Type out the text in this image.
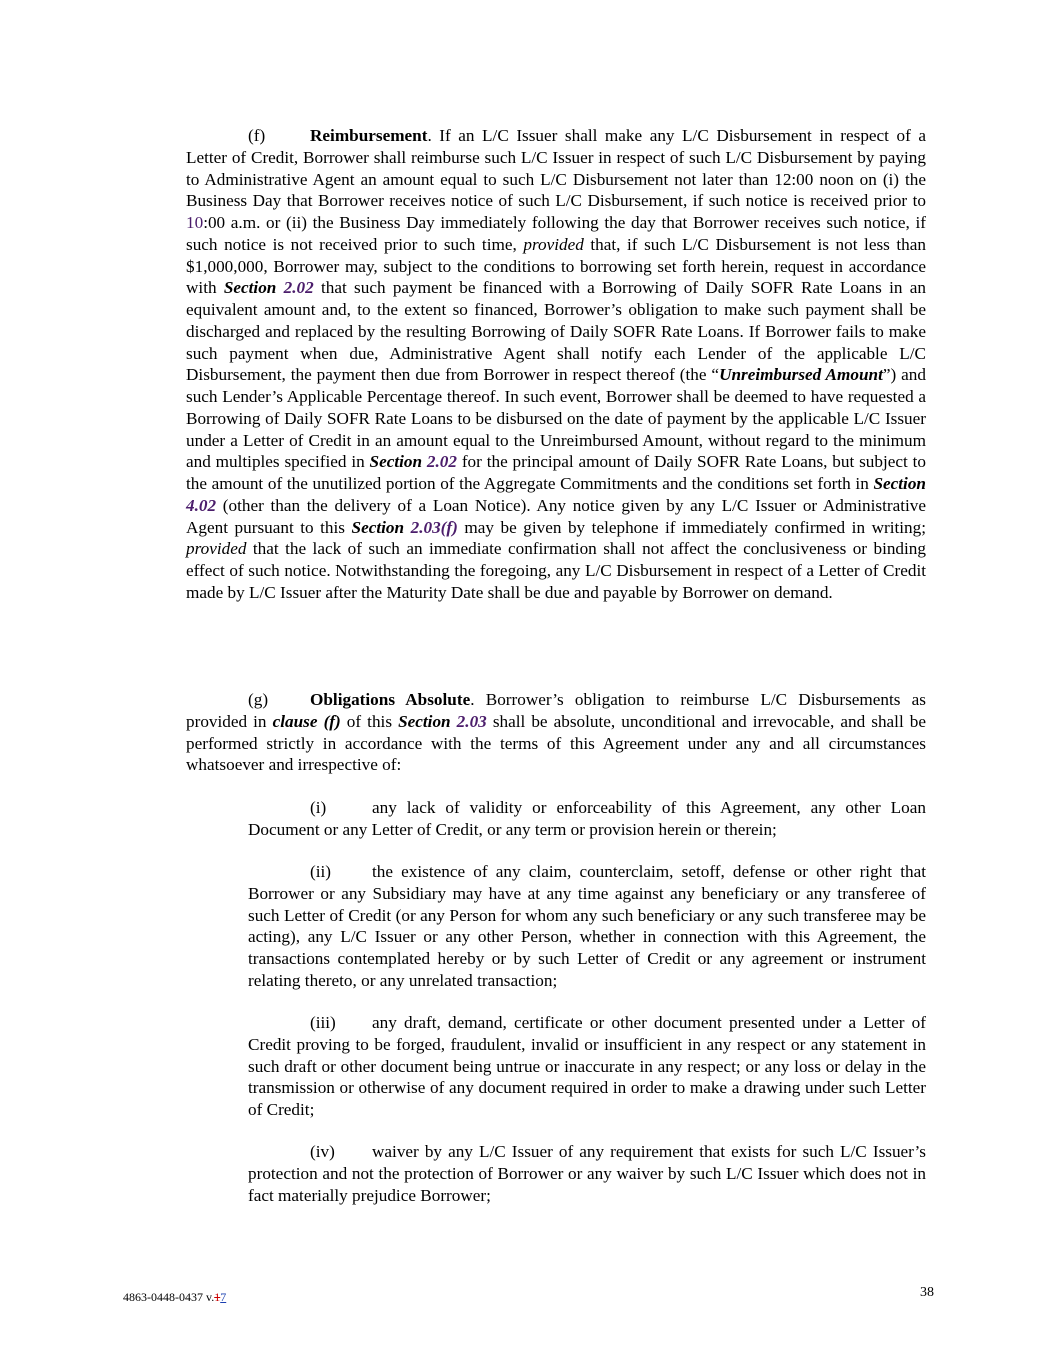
(f)	Reimbursement. If an L/C Issuer shall make any L/C Disbursement in respect of a Letter of Credit, Borrower shall reimburse such L/C Issuer in respect of such L/C Disbursement by paying to Administrative Agent an amount equal to such L/C Disbursement not later than 12:00 noon on (i) the Business Day that Borrower receives notice of such L/C Disbursement, if such notice is received prior to 10:00 a.m. or (ii) the Business Day immediately following the day that Borrower receives such notice, if such notice is not received prior to such time, provided that, if such L/C Disbursement is not less than $1,000,000, Borrower may, subject to the conditions to borrowing set forth herein, request in accordance with Section 2.02 that such payment be financed with a Borrowing of Daily SOFR Rate Loans in an equivalent amount and, to the extent so financed, Borrower’s obligation to make such payment shall be discharged and replaced by the resulting Borrowing of Daily SOFR Rate Loans. If Borrower fails to make such payment when due, Administrative Agent shall notify each Lender of the applicable L/C Disbursement, the payment then due from Borrower in respect thereof (the “Unreimbursed Amount”) and such Lender’s Applicable Percentage thereof. In such event, Borrower shall be deemed to have requested a Borrowing of Daily SOFR Rate Loans to be disbursed on the date of payment by the applicable L/C Issuer under a Letter of Credit in an amount equal to the Unreimbursed Amount, without regard to the minimum and multiples specified in Section 2.02 for the principal amount of Daily SOFR Rate Loans, but subject to the amount of the unutilized portion of the Aggregate Commitments and the conditions set forth in Section 4.02 (other than the delivery of a Loan Notice). Any notice given by any L/C Issuer or Administrative Agent pursuant to this Section 2.03(f) may be given by telephone if immediately confirmed in writing; provided that the lack of such an immediate confirmation shall not affect the conclusiveness or binding effect of such notice. Notwithstanding the foregoing, any L/C Disbursement in respect of a Letter of Credit made by L/C Issuer after the Maturity Date shall be due and payable by Borrower on demand.

(g) Obligations Absolute. Borrower’s obligation to reimburse L/C Disbursements as provided in clause (f) of this Section 2.03 shall be absolute, unconditional and irrevocable, and shall be performed strictly in accordance with the terms of this Agreement under any and all circumstances whatsoever and irrespective of:

(i)	any lack of validity or enforceability of this Agreement, any other Loan Document or any Letter of Credit, or any term or provision herein or therein;

(ii) the existence of any claim, counterclaim, setoff, defense or other right that Borrower or any Subsidiary may have at any time against any beneficiary or any transferee of such Letter of Credit (or any Person for whom any such beneficiary or any such transferee may be acting), any L/C Issuer or any other Person, whether in connection with this Agreement, the transactions contemplated hereby or by such Letter of Credit or any agreement or instrument relating thereto, or any unrelated transaction;

(iii) any draft, demand, certificate or other document presented under a Letter of Credit proving to be forged, fraudulent, invalid or insufficient in any respect or any statement in such draft or other document being untrue or inaccurate in any respect; or any loss or delay in the transmission or otherwise of any document required in order to make a drawing under such Letter of Credit;

(iv) waiver by any L/C Issuer of any requirement that exists for such L/C Issuer’s protection and not the protection of Borrower or any waiver by such L/C Issuer which does not in fact materially prejudice Borrower;

4863-0448-0437 v.17	38
